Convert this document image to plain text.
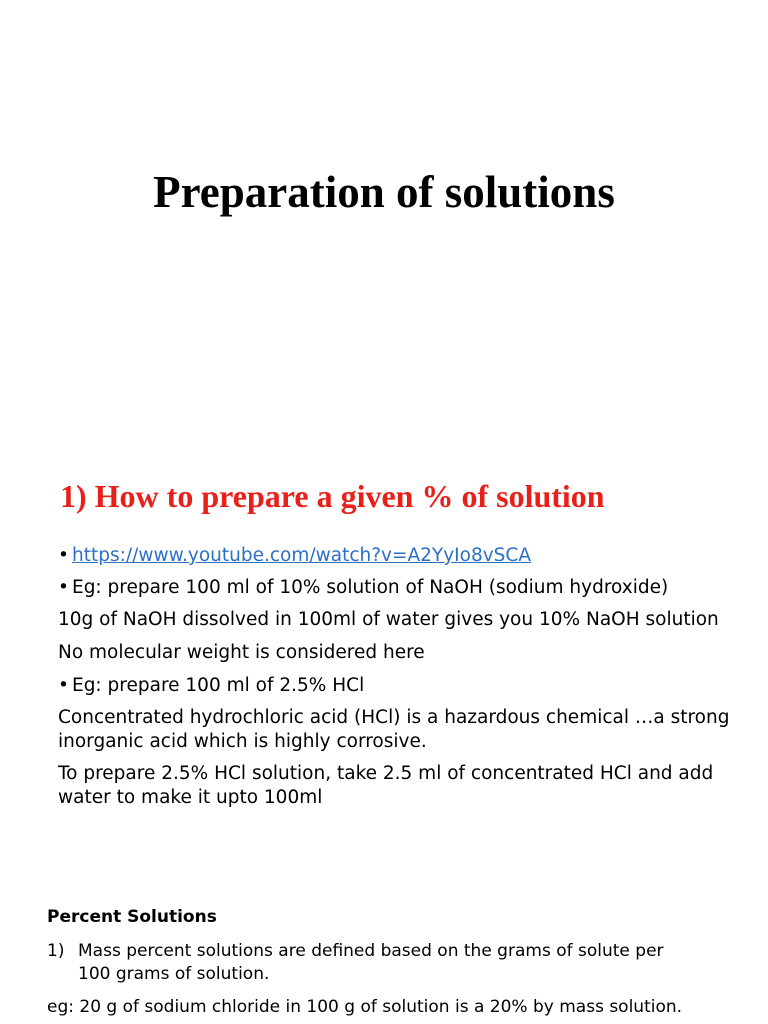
Preparation of solutions
1) How to prepare a given % of solution
• https://www.youtube.com/watch?v=A2YyIo8vSCA
• Eg: prepare 100 ml of 10% solution of NaOH (sodium hydroxide)
10g of NaOH dissolved in 100ml of water gives you 10% NaOH solution
No molecular weight is considered here
• Eg: prepare 100 ml of 2.5% HCl
Concentrated hydrochloric acid (HCl) is a hazardous chemical …a strong
inorganic acid which is highly corrosive.
To prepare 2.5% HCl solution, take 2.5 ml of concentrated HCl and add
water to make it upto 100ml
Percent Solutions
1) Mass percent solutions are defined based on the grams of solute per
100 grams of solution.
eg: 20 g of sodium chloride in 100 g of solution is a 20% by mass solution.
